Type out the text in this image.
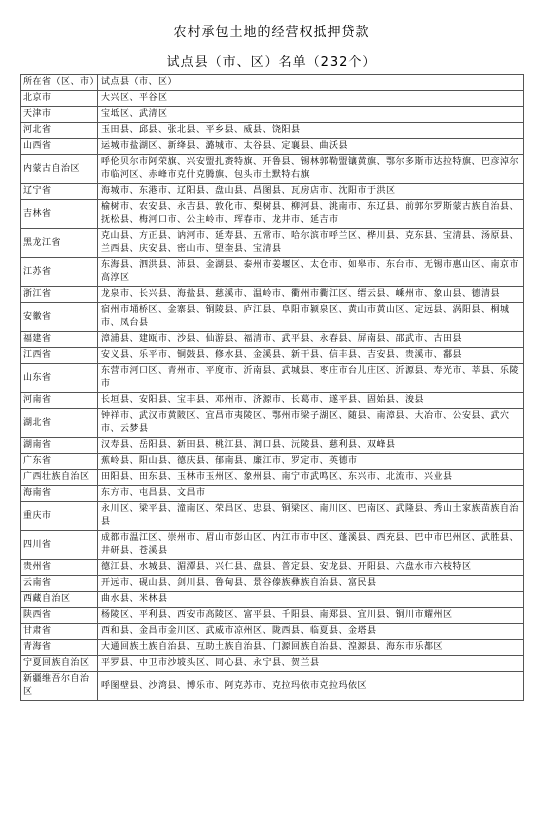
农村承包土地的经营权抵押贷款
试点县（市、区）名单（232个）
所在省（区、市）	试点县（市、区）
北京市	大兴区、平谷区
天津市	宝坻区、武清区
河北省	玉田县、邱县、张北县、平乡县、威县、饶阳县
山西省	运城市盐湖区、新绛县、潞城市、太谷县、定襄县、曲沃县
内蒙古自治区	呼伦贝尔市阿荣旗、兴安盟扎赉特旗、开鲁县、锡林郭勒盟镶黄旗、鄂尔多斯市达拉特旗、巴彦淖尔市临河区、赤峰市克什克腾旗、包头市土默特右旗
辽宁省	海城市、东港市、辽阳县、盘山县、昌图县、瓦房店市、沈阳市于洪区
吉林省	榆树市、农安县、永吉县、敦化市、梨树县、柳河县、洮南市、东辽县、前郭尔罗斯蒙古族自治县、抚松县、梅河口市、公主岭市、珲春市、龙井市、延吉市
黑龙江省	克山县、方正县、讷河市、延寿县、五常市、哈尔滨市呼兰区、桦川县、克东县、宝清县、汤原县、兰西县、庆安县、密山市、望奎县、宝清县
江苏省	东海县、泗洪县、沛县、金湖县、泰州市姜堰区、太仓市、如皋市、东台市、无锡市惠山区、南京市高淳区
浙江省	龙泉市、长兴县、海盐县、慈溪市、温岭市、衢州市衢江区、缙云县、嵊州市、象山县、德清县
安徽省	宿州市埇桥区、金寨县、铜陵县、庐江县、阜阳市颍泉区、黄山市黄山区、定远县、涡阳县、桐城市、凤台县
福建省	漳浦县、建瓯市、沙县、仙游县、福清市、武平县、永春县、屏南县、邵武市、古田县
江西省	安义县、乐平市、铜鼓县、修水县、金溪县、新干县、信丰县、吉安县、贵溪市、鄱县
山东省	东营市河口区、青州市、平度市、沂南县、武城县、枣庄市台儿庄区、沂源县、寿光市、莘县、乐陵市
河南省	长垣县、安阳县、宝丰县、邓州市、济源市、长葛市、遂平县、固始县、浚县
湖北省	钟祥市、武汉市黄陂区、宜昌市夷陵区、鄂州市梁子湖区、随县、南漳县、大冶市、公安县、武穴市、云梦县
湖南省	汉寿县、岳阳县、新田县、桃江县、洞口县、沅陵县、慈利县、双峰县
广东省	蕉岭县、阳山县、德庆县、郁南县、廉江市、罗定市、英德市
广西壮族自治区	田阳县、田东县、玉林市玉州区、象州县、南宁市武鸣区、东兴市、北流市、兴业县
海南省	东方市、屯昌县、文昌市
重庆市	永川区、梁平县、潼南区、荣昌区、忠县、铜梁区、南川区、巴南区、武隆县、秀山土家族苗族自治县
四川省	成都市温江区、崇州市、眉山市彭山区、内江市市中区、蓬溪县、西充县、巴中市巴州区、武胜县、井研县、苍溪县
贵州省	德江县、水城县、湄潭县、兴仁县、盘县、普定县、安龙县、开阳县、六盘水市六枝特区
云南省	开远市、砚山县、剑川县、鲁甸县、景谷傣族彝族自治县、富民县
西藏自治区	曲水县、米林县
陕西省	杨陵区、平利县、西安市高陵区、富平县、千阳县、南郑县、宜川县、铜川市耀州区
甘肃省	西和县、金昌市金川区、武威市凉州区、陇西县、临夏县、金塔县
青海省	大通回族土族自治县、互助土族自治县、门源回族自治县、湟源县、海东市乐都区
宁夏回族自治区	平罗县、中卫市沙坡头区、同心县、永宁县、贺兰县
新疆维吾尔自治区	呼图壁县、沙湾县、博乐市、阿克苏市、克拉玛依市克拉玛依区
